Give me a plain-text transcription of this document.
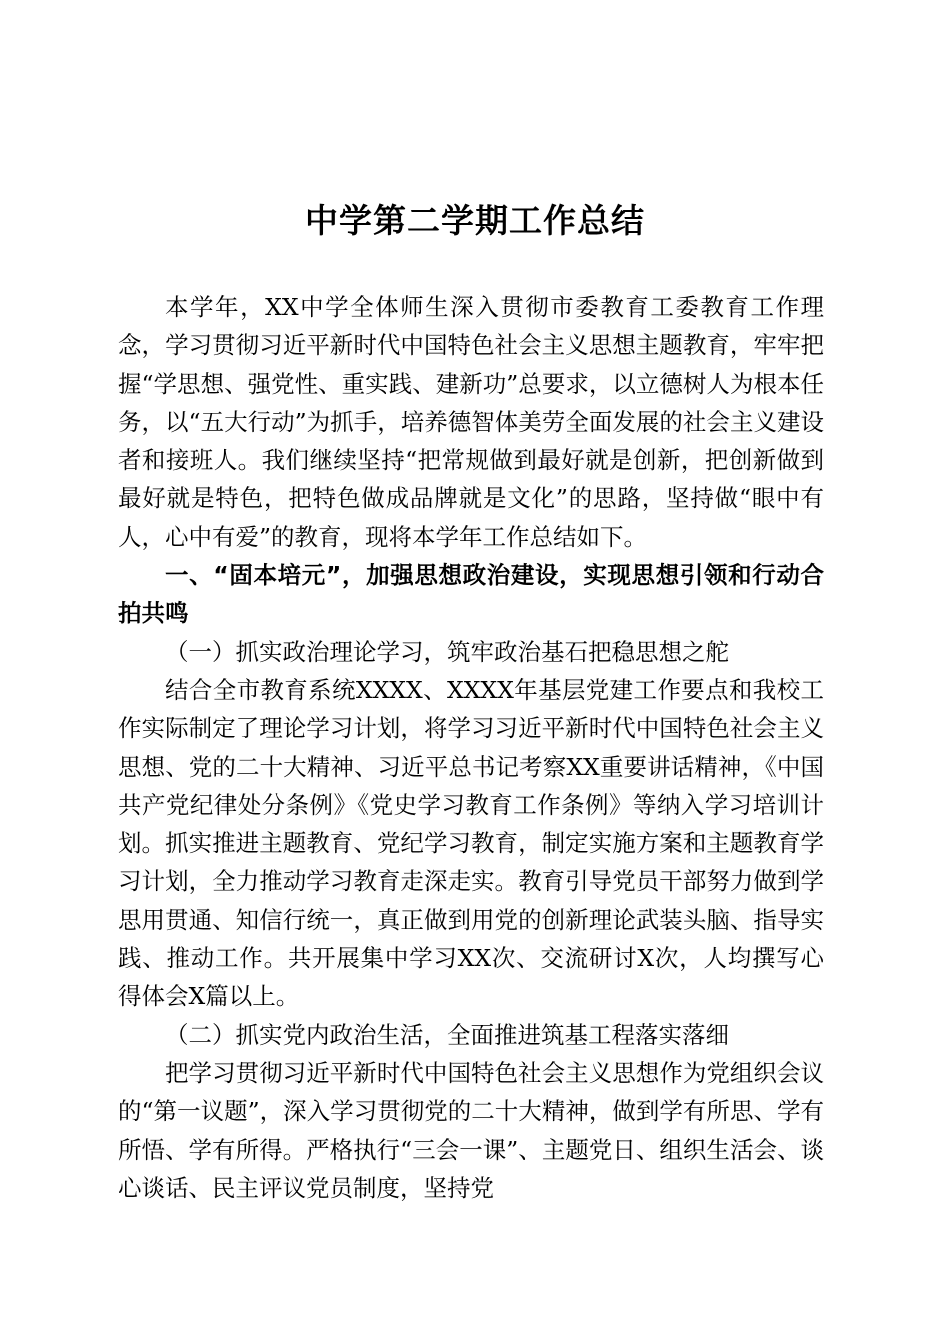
中学第二学期工作总结

本学年，XX中学全体师生深入贯彻市委教育工委教育工作理念，学习贯彻习近平新时代中国特色社会主义思想主题教育，牢牢把握“学思想、强党性、重实践、建新功”总要求，以立德树人为根本任务，以“五大行动”为抓手，培养德智体美劳全面发展的社会主义建设者和接班人。我们继续坚持“把常规做到最好就是创新，把创新做到最好就是特色，把特色做成品牌就是文化”的思路，坚持做“眼中有人，心中有爱”的教育，现将本学年工作总结如下。

一、“固本培元”，加强思想政治建设，实现思想引领和行动合拍共鸣

（一）抓实政治理论学习，筑牢政治基石把稳思想之舵

结合全市教育系统XXXX、XXXX年基层党建工作要点和我校工作实际制定了理论学习计划，将学习习近平新时代中国特色社会主义思想、党的二十大精神、习近平总书记考察XX重要讲话精神，《中国共产党纪律处分条例》《党史学习教育工作条例》等纳入学习培训计划。抓实推进主题教育、党纪学习教育，制定实施方案和主题教育学习计划，全力推动学习教育走深走实。教育引导党员干部努力做到学思用贯通、知信行统一，真正做到用党的创新理论武装头脑、指导实践、推动工作。共开展集中学习XX次、交流研讨X次，人均撰写心得体会X篇以上。

（二）抓实党内政治生活，全面推进筑基工程落实落细

把学习贯彻习近平新时代中国特色社会主义思想作为党组织会议的“第一议题”，深入学习贯彻党的二十大精神，做到学有所思、学有所悟、学有所得。严格执行“三会一课”、主题党日、组织生活会、谈心谈话、民主评议党员制度，坚持党
